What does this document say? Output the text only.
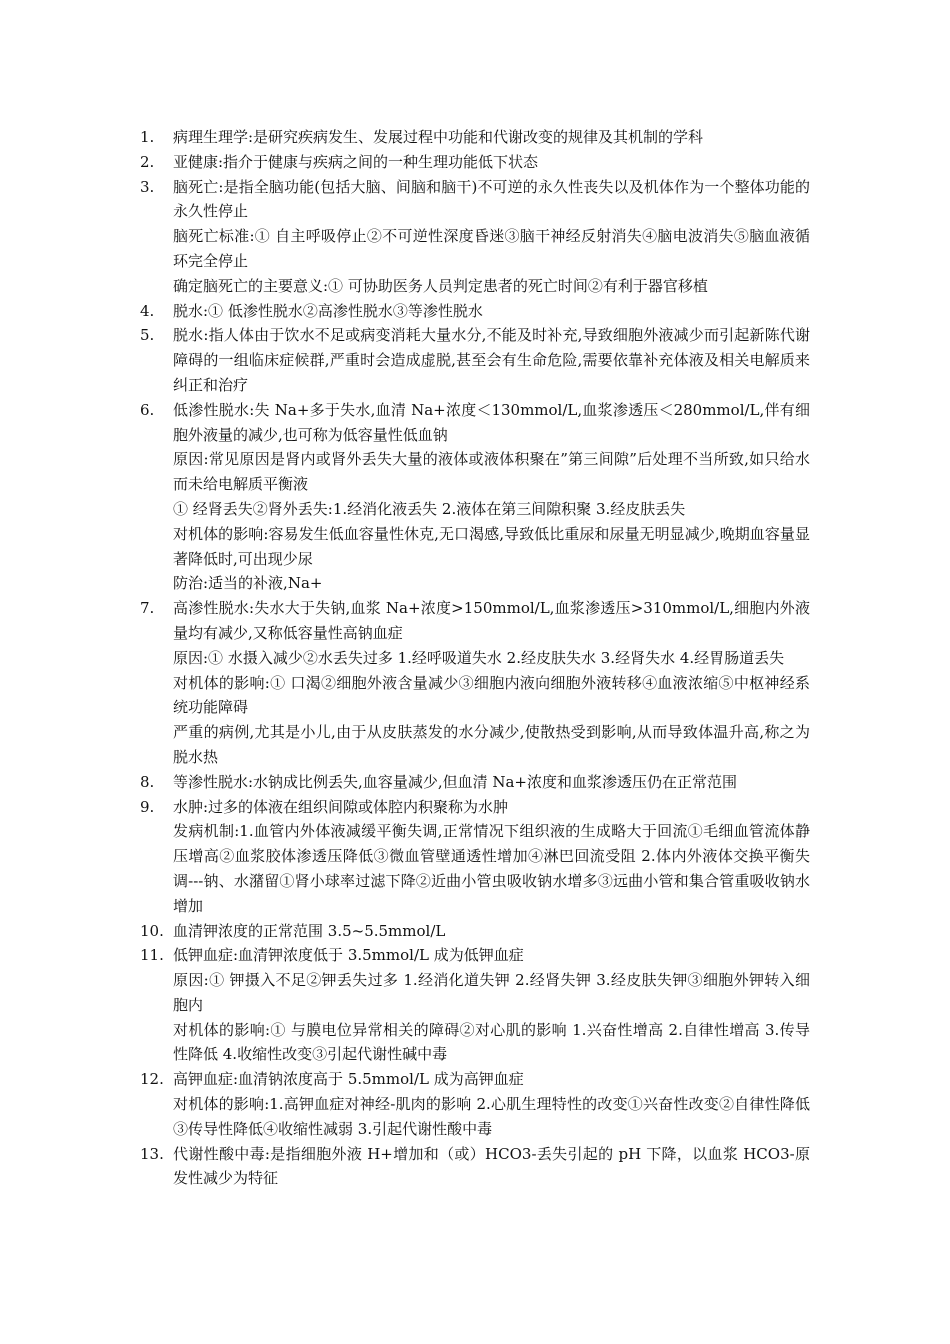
1.	病理生理学:是研究疾病发生、发展过程中功能和代谢改变的规律及其机制的学科

2.	亚健康:指介于健康与疾病之间的一种生理功能低下状态

3.	脑死亡:是指全脑功能(包括大脑、间脑和脑干)不可逆的永久性丧失以及机体作为一个整体功能的永久性停止

脑死亡标准:① 自主呼吸停止②不可逆性深度昏迷③脑干神经反射消失④脑电波消失⑤脑血液循环完全停止

确定脑死亡的主要意义:① 可协助医务人员判定患者的死亡时间②有利于器官移植

4.	脱水:① 低渗性脱水②高渗性脱水③等渗性脱水

5.	脱水:指人体由于饮水不足或病变消耗大量水分,不能及时补充,导致细胞外液减少而引起新陈代谢障碍的一组临床症候群,严重时会造成虚脱,甚至会有生命危险,需要依靠补充体液及相关电解质来纠正和治疗

6.	低渗性脱水:失 Na+多于失水,血清 Na+浓度＜130mmol/L,血浆渗透压＜280mmol/L,伴有细胞外液量的减少,也可称为低容量性低血钠

原因:常见原因是肾内或肾外丢失大量的液体或液体积聚在”第三间隙”后处理不当所致,如只给水而未给电解质平衡液

① 经肾丢失②肾外丢失:1.经消化液丢失 2.液体在第三间隙积聚 3.经皮肤丢失

对机体的影响:容易发生低血容量性休克,无口渴感,导致低比重尿和尿量无明显减少,晚期血容量显著降低时,可出现少尿

防治:适当的补液,Na+

7.	高渗性脱水:失水大于失钠,血浆 Na+浓度>150mmol/L,血浆渗透压>310mmol/L,细胞内外液量均有减少,又称低容量性高钠血症

原因:① 水摄入减少②水丢失过多 1.经呼吸道失水 2.经皮肤失水 3.经肾失水 4.经胃肠道丢失

对机体的影响:① 口渴②细胞外液含量减少③细胞内液向细胞外液转移④血液浓缩⑤中枢神经系统功能障碍

严重的病例,尤其是小儿,由于从皮肤蒸发的水分减少,使散热受到影响,从而导致体温升高,称之为脱水热

8.	等渗性脱水:水钠成比例丢失,血容量减少,但血清 Na+浓度和血浆渗透压仍在正常范围

9.	水肿:过多的体液在组织间隙或体腔内积聚称为水肿

发病机制:1.血管内外体液减缓平衡失调,正常情况下组织液的生成略大于回流①毛细血管流体静压增高②血浆胶体渗透压降低③微血管壁通透性增加④淋巴回流受阻 2.体内外液体交换平衡失调---钠、水潴留①肾小球率过滤下降②近曲小管虫吸收钠水增多③远曲小管和集合管重吸收钠水增加

10. 血清钾浓度的正常范围 3.5~5.5mmol/L

11. 低钾血症:血清钾浓度低于 3.5mmol/L 成为低钾血症

原因:① 钾摄入不足②钾丢失过多 1.经消化道失钾 2.经肾失钾 3.经皮肤失钾③细胞外钾转入细胞内

对机体的影响:① 与膜电位异常相关的障碍②对心肌的影响 1.兴奋性增高 2.自律性增高 3.传导性降低 4.收缩性改变③引起代谢性碱中毒

12. 高钾血症:血清钠浓度高于 5.5mmol/L 成为高钾血症

对机体的影响:1.高钾血症对神经-肌肉的影响 2.心肌生理特性的改变①兴奋性改变②自律性降低③传导性降低④收缩性减弱 3.引起代谢性酸中毒

13. 代谢性酸中毒:是指细胞外液 H+增加和（或）HCO3-丢失引起的 pH 下降，以血浆 HCO3-原发性减少为特征
